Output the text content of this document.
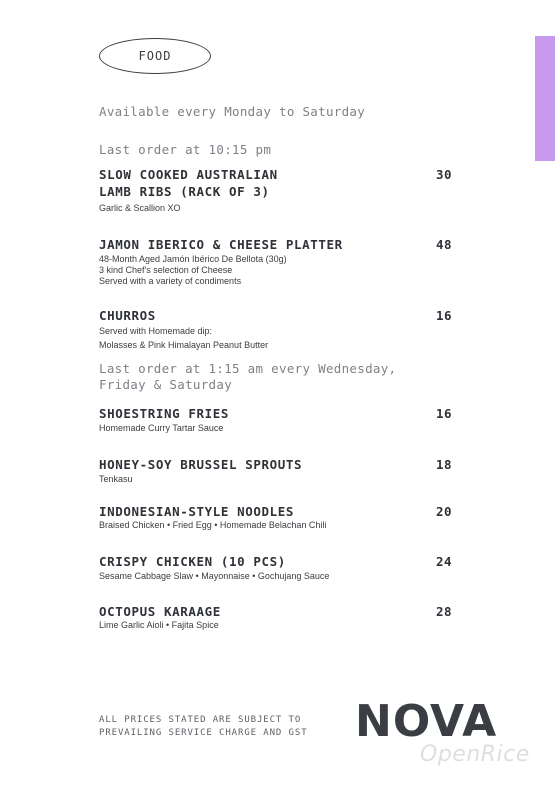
FOOD
Available every Monday to Saturday
Last order at 10:15 pm
SLOW COOKED AUSTRALIAN
LAMB RIBS (RACK OF 3)
30
Garlic & Scallion XO
JAMON IBERICO & CHEESE PLATTER	48
48-Month Aged Jamón Ibérico De Bellota (30g)
3 kind Chef's selection of Cheese
Served with a variety of condiments
CHURROS	16
Served with Homemade dip:
Molasses & Pink Himalayan Peanut Butter
Last order at 1:15 am every Wednesday,
Friday & Saturday
SHOESTRING FRIES	16
Homemade Curry Tartar Sauce
HONEY-SOY BRUSSEL SPROUTS	18
Tenkasu
INDONESIAN-STYLE NOODLES	20
Braised Chicken • Fried Egg • Homemade Belachan Chili
CRISPY CHICKEN (10 PCS)	24
Sesame Cabbage Slaw • Mayonnaise • Gochujang Sauce
OCTOPUS KARAAGE	28
Lime Garlic Aioli • Fajita Spice
ALL PRICES STATED ARE SUBJECT TO
PREVAILING SERVICE CHARGE AND GST NOVA
OpenRice
